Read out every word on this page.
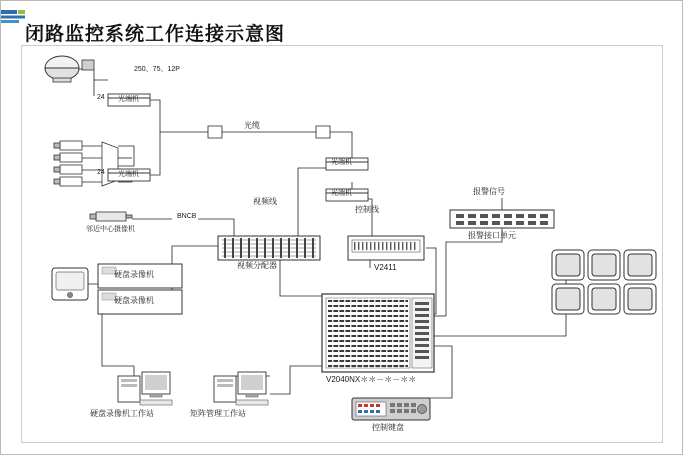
闭路监控系统工作连接示意图
250、75、12P
24 光端机
光缆
24 光端机
光端机
光端机
视频线
控制线
报警信号
报警接口单元
BNCB
邻近中心摄像机
视频分配器	V2411
硬盘录像机
硬盘录像机
V2040NX＊＊－＊－＊＊
硬盘录像机工作站	矩阵管理工作站
控制键盘
